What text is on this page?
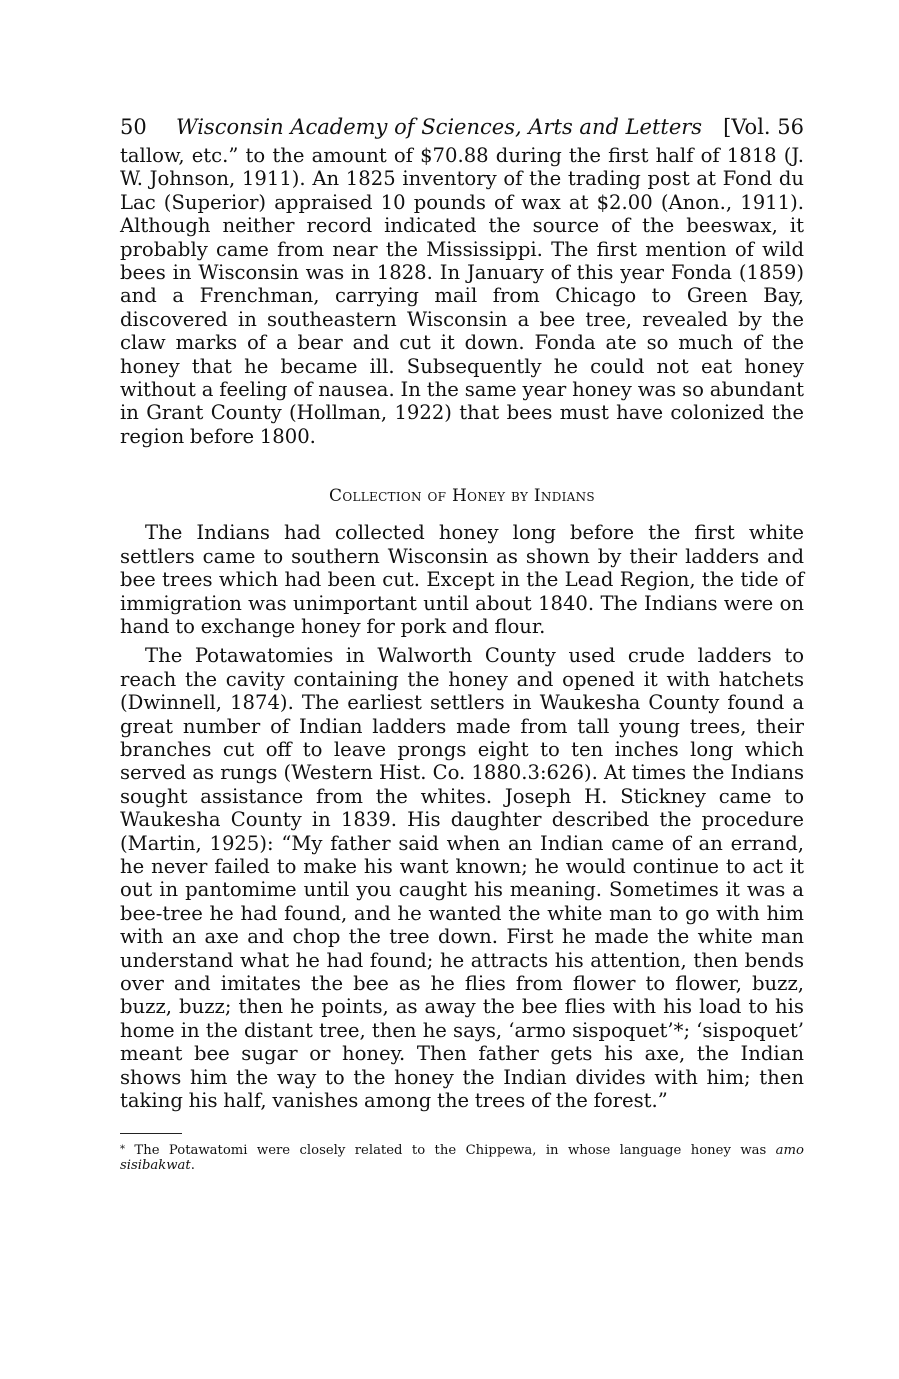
50 Wisconsin Academy of Sciences, Arts and Letters [Vol. 56

tallow, etc.” to the amount of $70.88 during the first half of 1818 (J. W. Johnson, 1911). An 1825 inventory of the trading post at Fond du Lac (Superior) appraised 10 pounds of wax at $2.00 (Anon., 1911). Although neither record indicated the source of the beeswax, it probably came from near the Mississippi. The first mention of wild bees in Wisconsin was in 1828. In January of this year Fonda (1859) and a Frenchman, carrying mail from Chicago to Green Bay, discovered in southeastern Wisconsin a bee tree, revealed by the claw marks of a bear and cut it down. Fonda ate so much of the honey that he became ill. Subsequently he could not eat honey without a feeling of nausea. In the same year honey was so abundant in Grant County (Hollman, 1922) that bees must have colonized the region before 1800.

Collection of Honey by Indians

The Indians had collected honey long before the first white settlers came to southern Wisconsin as shown by their ladders and bee trees which had been cut. Except in the Lead Region, the tide of immigration was unimportant until about 1840. The Indians were on hand to exchange honey for pork and flour.

The Potawatomies in Walworth County used crude ladders to reach the cavity containing the honey and opened it with hatchets (Dwinnell, 1874). The earliest settlers in Waukesha County found a great number of Indian ladders made from tall young trees, their branches cut off to leave prongs eight to ten inches long which served as rungs (Western Hist. Co. 1880.3:626). At times the Indians sought assistance from the whites. Joseph H. Stickney came to Waukesha County in 1839. His daughter described the procedure (Martin, 1925): “My father said when an Indian came of an errand, he never failed to make his want known; he would continue to act it out in pantomime until you caught his meaning. Sometimes it was a bee-tree he had found, and he wanted the white man to go with him with an axe and chop the tree down. First he made the white man understand what he had found; he attracts his attention, then bends over and imitates the bee as he flies from flower to flower, buzz, buzz, buzz; then he points, as away the bee flies with his load to his home in the distant tree, then he says, ‘armo sispoquet’*; ‘sispoquet’ meant bee sugar or honey. Then father gets his axe, the Indian shows him the way to the honey the Indian divides with him; then taking his half, vanishes among the trees of the forest.”

* The Potawatomi were closely related to the Chippewa, in whose language honey was amo sisibakwat.
